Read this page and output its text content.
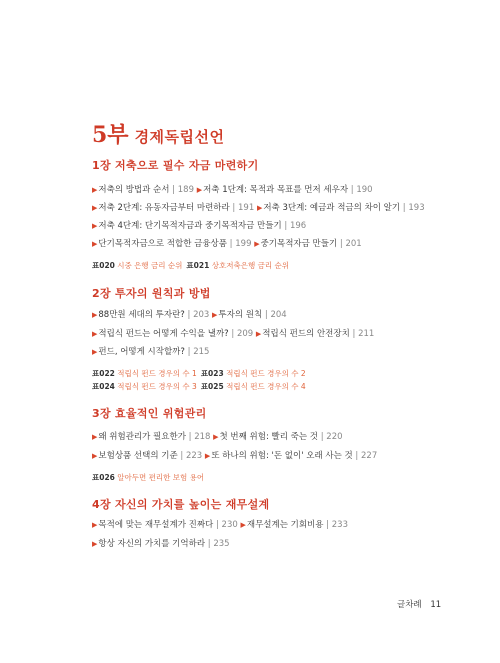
5부 경제독립선언
1장 저축으로 필수 자금 마련하기
▶저축의 방법과 순서 | 189 ▶저축 1단계: 목적과 목표를 먼저 세우자 | 190
▶저축 2단계: 유동자금부터 마련하라 | 191 ▶저축 3단계: 예금과 적금의 차이 알기 | 193
▶저축 4단계: 단기목적자금과 중기목적자금 만들기 | 196
▶단기목적자금으로 적합한 금융상품 | 199 ▶중기목적자금 만들기 | 201
표020 시중 은행 금리 순위 표021 상호저축은행 금리 순위
2장 투자의 원칙과 방법
▶88만원 세대의 투자란? | 203 ▶투자의 원칙 | 204
▶적립식 펀드는 어떻게 수익을 낼까? | 209 ▶적립식 펀드의 안전장치 | 211
▶펀드, 어떻게 시작할까? | 215
표022 적립식 펀드 경우의 수 1 표023 적립식 펀드 경우의 수 2
표024 적립식 펀드 경우의 수 3 표025 적립식 펀드 경우의 수 4
3장 효율적인 위험관리
▶왜 위험관리가 필요한가 | 218 ▶첫 번째 위험: 빨리 죽는 것 | 220
▶보험상품 선택의 기준 | 223 ▶또 하나의 위험: '돈 없이' 오래 사는 것 | 227
표026 알아두면 편리한 보험 용어
4장 자신의 가치를 높이는 재무설계
▶목적에 맞는 재무설계가 진짜다 | 230 ▶재무설계는 기회비용 | 233
▶항상 자신의 가치를 기억하라 | 235
글차례 11
